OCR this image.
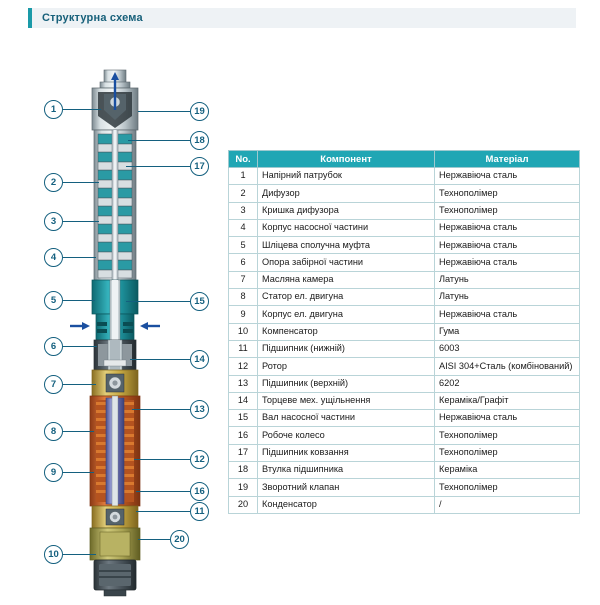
Структурна схема
1
2
3
4
5
6
7
8
9
10
19
18
17
15
14
13
12
16
11
20
No.	Компонент	Матеріал
1	Напірний патрубок	Нержавіюча сталь
2	Дифузор	Технополімер
3	Кришка дифузора	Технополімер
4	Корпус насосної частини	Нержавіюча сталь
5	Шліцева сполучна муфта	Нержавіюча сталь
6	Опора забірної частини	Нержавіюча сталь
7	Масляна камера	Латунь
8	Статор ел. двигуна	Латунь
9	Корпус ел. двигуна	Нержавіюча сталь
10	Компенсатор	Гума
11	Підшипник (нижній)	6003
12	Ротор	AISI 304+Сталь (комбінований)
13	Підшипник (верхній)	6202
14	Торцеве мех. ущільнення	Кераміка/Графіт
15	Вал насосної частини	Нержавіюча сталь
16	Робоче колесо	Технополімер
17	Підшипник ковзання	Технополімер
18	Втулка підшипника	Кераміка
19	Зворотний клапан	Технополімер
20	Конденсатор	/
